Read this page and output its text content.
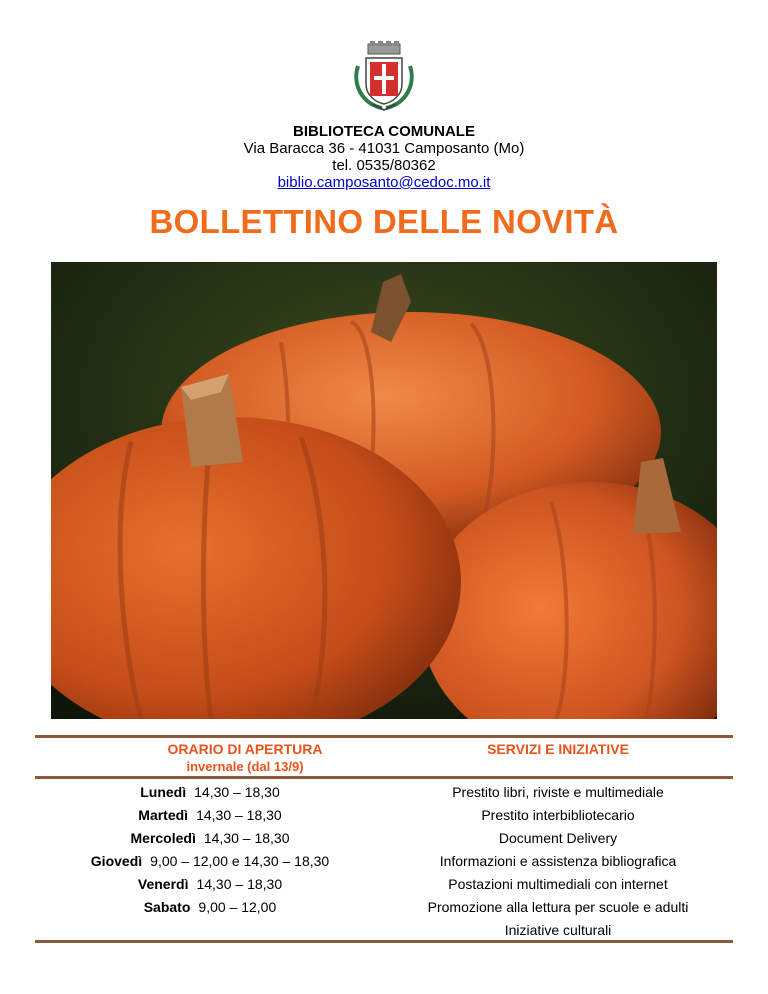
BIBLIOTECA COMUNALE
Via Baracca 36 - 41031 Camposanto (Mo)
tel. 0535/80362
biblio.camposanto@cedoc.mo.it
BOLLETTINO DELLE NOVITÀ
ORARIO DI APERTURA
invernale (dal 13/9)
SERVIZI E INIZIATIVE
Lunedì 14,30 – 18,30
Martedì 14,30 – 18,30
Mercoledì 14,30 – 18,30
Giovedì 9,00 – 12,00 e 14,30 – 18,30
Venerdì 14,30 – 18,30
Sabato 9,00 – 12,00
Prestito libri, riviste e multimediale
Prestito interbibliotecario
Document Delivery
Informazioni e assistenza bibliografica
Postazioni multimediali con internet
Promozione alla lettura per scuole e adulti
Iniziative culturali
